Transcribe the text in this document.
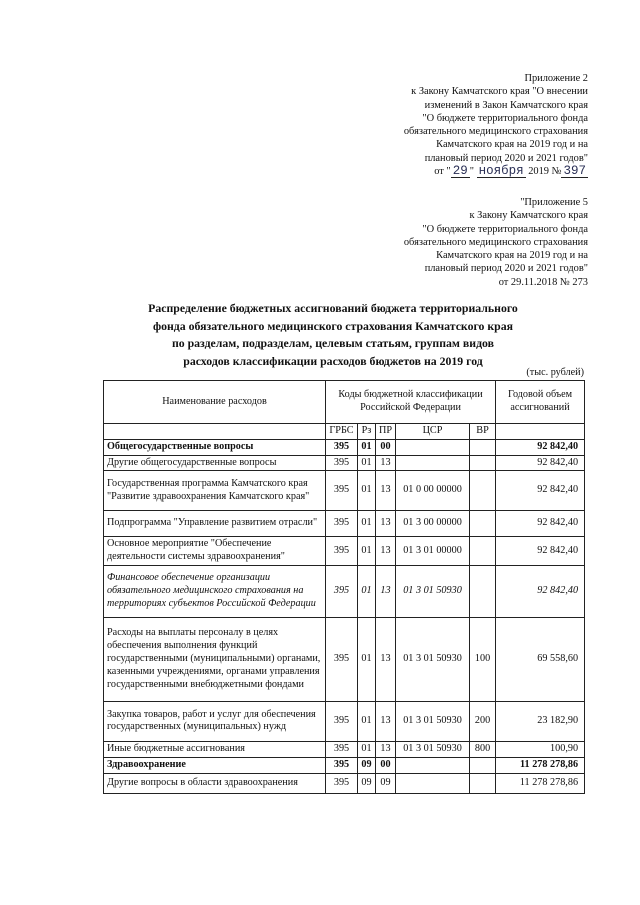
Приложение 2
к Закону Камчатского края "О внесении
изменений в Закон Камчатского края
"О бюджете территориального фонда
обязательного медицинского страхования
Камчатского края на 2019 год и на
плановый период 2020 и 2021 годов"
от " 29 " ноября 2019 № 397
"Приложение 5
к Закону Камчатского края
"О бюджете территориального фонда
обязательного медицинского страхования
Камчатского края на 2019 год и на
плановый период 2020 и 2021 годов"
от 29.11.2018 № 273
Распределение бюджетных ассигнований бюджета территориального
фонда обязательного медицинского страхования Камчатского края
по разделам, подразделам, целевым статьям, группам видов
расходов классификации расходов бюджетов на 2019 год
(тыс. рублей)
Наименование расходов	Коды бюджетной классификации Российской Федерации					Годовой объем ассигнований
	ГРБС	Рз	ПР	ЦСР	ВР	
Общегосударственные вопросы	395	01	00			92 842,40
Другие общегосударственные вопросы	395	01	13			92 842,40
Государственная программа Камчатского края "Развитие здравоохранения Камчатского края"	395	01	13	01 0 00 00000		92 842,40
Подпрограмма "Управление развитием отрасли"	395	01	13	01 3 00 00000		92 842,40
Основное мероприятие "Обеспечение деятельности системы здравоохранения"	395	01	13	01 3 01 00000		92 842,40
Финансовое обеспечение организации обязательного медицинского страхования на территориях субъектов Российской Федерации	395	01	13	01 3 01 50930		92 842,40
Расходы на выплаты персоналу в целях обеспечения выполнения функций государственными (муниципальными) органами, казенными учреждениями, органами управления государственными внебюджетными фондами	395	01	13	01 3 01 50930	100	69 558,60
Закупка товаров, работ и услуг для обеспечения государственных (муниципальных) нужд	395	01	13	01 3 01 50930	200	23 182,90
Иные бюджетные ассигнования	395	01	13	01 3 01 50930	800	100,90
Здравоохранение	395	09	00			11 278 278,86
Другие вопросы в области здравоохранения	395	09	09			11 278 278,86
